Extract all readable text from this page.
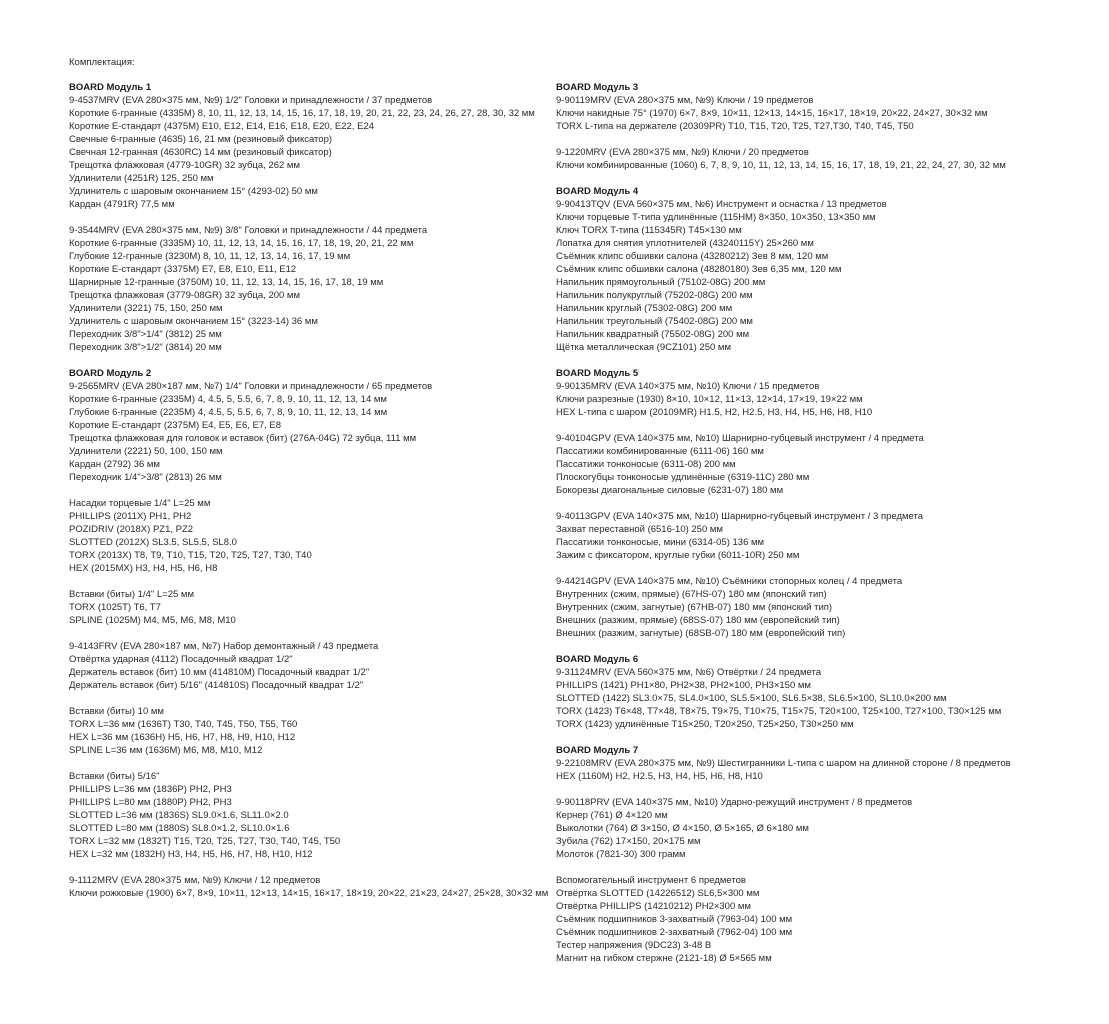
Комплектация:
BOARD Модуль 1
9-4537MRV (EVA 280×375 мм, №9) 1/2" Головки и принадлежности / 37 предметов
Короткие 6-гранные (4335M) 8, 10, 11, 12, 13, 14, 15, 16, 17, 18, 19, 20, 21, 22, 23, 24, 26, 27, 28, 30, 32 мм
Короткие E-стандарт (4375M) E10, E12, E14, E16, E18, E20, E22, E24
Свечные 6-гранные (4635) 16, 21 мм (резиновый фиксатор)
Свечная 12-гранная (4630RC) 14 мм (резиновый фиксатор)
Трещотка флажковая (4779-10GR) 32 зубца, 262 мм
Удлинители (4251R) 125, 250 мм
Удлинитель с шаровым окончанием 15° (4293-02) 50 мм
Кардан (4791R) 77,5 мм
9-3544MRV (EVA 280×375 мм, №9) 3/8" Головки и принадлежности / 44 предмета
Короткие 6-гранные (3335M) 10, 11, 12, 13, 14, 15, 16, 17, 18, 19, 20, 21, 22 мм
Глубокие 12-гранные (3230M) 8, 10, 11, 12, 13, 14, 16, 17, 19 мм
Короткие E-стандарт (3375M) E7, E8, E10, E11, E12
Шарнирные 12-гранные (3750M) 10, 11, 12, 13, 14, 15, 16, 17, 18, 19 мм
Трещотка флажковая (3779-08GR) 32 зубца, 200 мм
Удлинители (3221) 75, 150, 250 мм
Удлинитель с шаровым окончанием 15° (3223-14) 36 мм
Переходник 3/8">1/4" (3812) 25 мм
Переходник 3/8">1/2" (3814) 20 мм
BOARD Модуль 2
9-2565MRV (EVA 280×187 мм, №7) 1/4" Головки и принадлежности / 65 предметов
Короткие 6-гранные (2335M) 4, 4.5, 5, 5.5, 6, 7, 8, 9, 10, 11, 12, 13, 14 мм
Глубокие 6-гранные (2235M) 4, 4.5, 5, 5.5, 6, 7, 8, 9, 10, 11, 12, 13, 14 мм
Короткие E-стандарт (2375M) E4, E5, E6, E7, E8
Трещотка флажковая для головок и вставок (бит) (276A-04G) 72 зубца, 111 мм
Удлинители (2221) 50, 100, 150 мм
Кардан (2792) 36 мм
Переходник 1/4">3/8" (2813) 26 мм
Насадки торцевые 1/4" L=25 мм
PHILLIPS (2011X) PH1, PH2
POZIDRIV (2018X) PZ1, PZ2
SLOTTED (2012X) SL3.5, SL5.5, SL8.0
TORX (2013X) T8, T9, T10, T15, T20, T25, T27, T30, T40
HEX (2015MX) H3, H4, H5, H6, H8
Вставки (биты) 1/4" L=25 мм
TORX (1025T) T6, T7
SPLINE (1025M) M4, M5, M6, M8, M10
9-4143FRV (EVA 280×187 мм, №7) Набор демонтажный / 43 предмета
Отвёртка ударная (4112) Посадочный квадрат 1/2"
Держатель вставок (бит) 10 мм (414810M) Посадочный квадрат 1/2"
Держатель вставок (бит) 5/16" (414810S) Посадочный квадрат 1/2"
Вставки (биты) 10 мм
TORX L=36 мм (1636T) T30, T40, T45, T50, T55, T60
HEX L=36 мм (1636H) H5, H6, H7, H8, H9, H10, H12
SPLINE L=36 мм (1636M) M6, M8, M10, M12
Вставки (биты) 5/16"
PHILLIPS L=36 мм (1836P) PH2, PH3
PHILLIPS L=80 мм (1880P) PH2, PH3
SLOTTED L=36 мм (1836S) SL9.0×1.6, SL11.0×2.0
SLOTTED L=80 мм (1880S) SL8.0×1.2, SL10.0×1.6
TORX L=32 мм (1832T) T15, T20, T25, T27, T30, T40, T45, T50
HEX L=32 мм (1832H) H3, H4, H5, H6, H7, H8, H10, H12
9-1112MRV (EVA 280×375 мм, №9) Ключи / 12 предметов
Ключи рожковые (1900) 6×7, 8×9, 10×11, 12×13, 14×15, 16×17, 18×19, 20×22, 21×23, 24×27, 25×28, 30×32 мм
BOARD Модуль 3
9-90119MRV (EVA 280×375 мм, №9) Ключи / 19 предметов
Ключи накидные 75° (1970) 6×7, 8×9, 10×11, 12×13, 14×15, 16×17, 18×19, 20×22, 24×27, 30×32 мм
TORX L-типа на держателе (20309PR) T10, T15, T20, T25, T27,T30, T40, T45, T50
9-1220MRV (EVA 280×375 мм, №9) Ключи / 20 предметов
Ключи комбинированные (1060) 6, 7, 8, 9, 10, 11, 12, 13, 14, 15, 16, 17, 18, 19, 21, 22, 24, 27, 30, 32 мм
BOARD Модуль 4
9-90413TQV (EVA 560×375 мм, №6) Инструмент и оснастка / 13 предметов
Ключи торцевые T-типа удлинённые (115HM) 8×350, 10×350, 13×350 мм
Ключ TORX T-типа (115345R) T45×130 мм
Лопатка для снятия уплотнителей (43240115Y) 25×260 мм
Съёмник клипс обшивки салона (43280212) Зев 8 мм, 120 мм
Съёмник клипс обшивки салона (48280180) Зев 6,35 мм, 120 мм
Напильник прямоугольный (75102-08G) 200 мм
Напильник полукруглый (75202-08G) 200 мм
Напильник круглый (75302-08G) 200 мм
Напильник треугольный (75402-08G) 200 мм
Напильник квадратный (75502-08G) 200 мм
Щётка металлическая (9CZ101) 250 мм
BOARD Модуль 5
9-90135MRV (EVA 140×375 мм, №10) Ключи / 15 предметов
Ключи разрезные (1930) 8×10, 10×12, 11×13, 12×14, 17×19, 19×22 мм
HEX L-типа с шаром (20109MR) H1.5, H2, H2.5, H3, H4, H5, H6, H8, H10
9-40104GPV (EVA 140×375 мм, №10) Шарнирно-губцевый инструмент / 4 предмета
Пассатижи комбинированные (6111-06) 160 мм
Пассатижи тонконосые (6311-08) 200 мм
Плоскогубцы тонконосые удлинённые (6319-11C) 280 мм
Бокорезы диагональные силовые (6231-07) 180 мм
9-40113GPV (EVA 140×375 мм, №10) Шарнирно-губцевый инструмент / 3 предмета
Захват переставной (6516-10) 250 мм
Пассатижи тонконосые, мини (6314-05) 136 мм
Зажим с фиксатором, круглые губки (6011-10R) 250 мм
9-44214GPV (EVA 140×375 мм, №10) Съёмники стопорных колец / 4 предмета
Внутренних (сжим, прямые) (67HS-07) 180 мм (японский тип)
Внутренних (сжим, загнутые) (67HB-07) 180 мм (японский тип)
Внешних (разжим, прямые) (68SS-07) 180 мм (европейский тип)
Внешних (разжим, загнутые) (68SB-07) 180 мм (европейский тип)
BOARD Модуль 6
9-31124MRV (EVA 560×375 мм, №6) Отвёртки / 24 предмета
PHILLIPS (1421) PH1×80, PH2×38, PH2×100, PH3×150 мм
SLOTTED (1422) SL3.0×75, SL4.0×100, SL5.5×100, SL6.5×38, SL6.5×100, SL10.0×200 мм
TORX (1423) T6×48, T7×48, T8×75, T9×75, T10×75, T15×75, T20×100, T25×100, T27×100, T30×125 мм
TORX (1423) удлинённые T15×250, T20×250, T25×250, T30×250 мм
BOARD Модуль 7
9-22108MRV (EVA 280×375 мм, №9) Шестигранники L-типа с шаром на длинной стороне / 8 предметов
HEX (1160M) H2, H2.5, H3, H4, H5, H6, H8, H10
9-90118PRV (EVA 140×375 мм, №10) Ударно-режущий инструмент / 8 предметов
Кернер (761) Ø 4×120 мм
Выколотки (764) Ø 3×150, Ø 4×150, Ø 5×165, Ø 6×180 мм
Зубила (762) 17×150, 20×175 мм
Молоток (7821-30) 300 грамм
Вспомогательный инструмент 6 предметов
Отвёртка SLOTTED (14226512) SL6,5×300 мм
Отвёртка PHILLIPS (14210212) PH2×300 мм
Съёмник подшипников 3-захватный (7963-04) 100 мм
Съёмник подшипников 2-захватный (7962-04) 100 мм
Тестер напряжения (9DC23) 3-48 В
Магнит на гибком стержне (2121-18) Ø 5×565 мм
